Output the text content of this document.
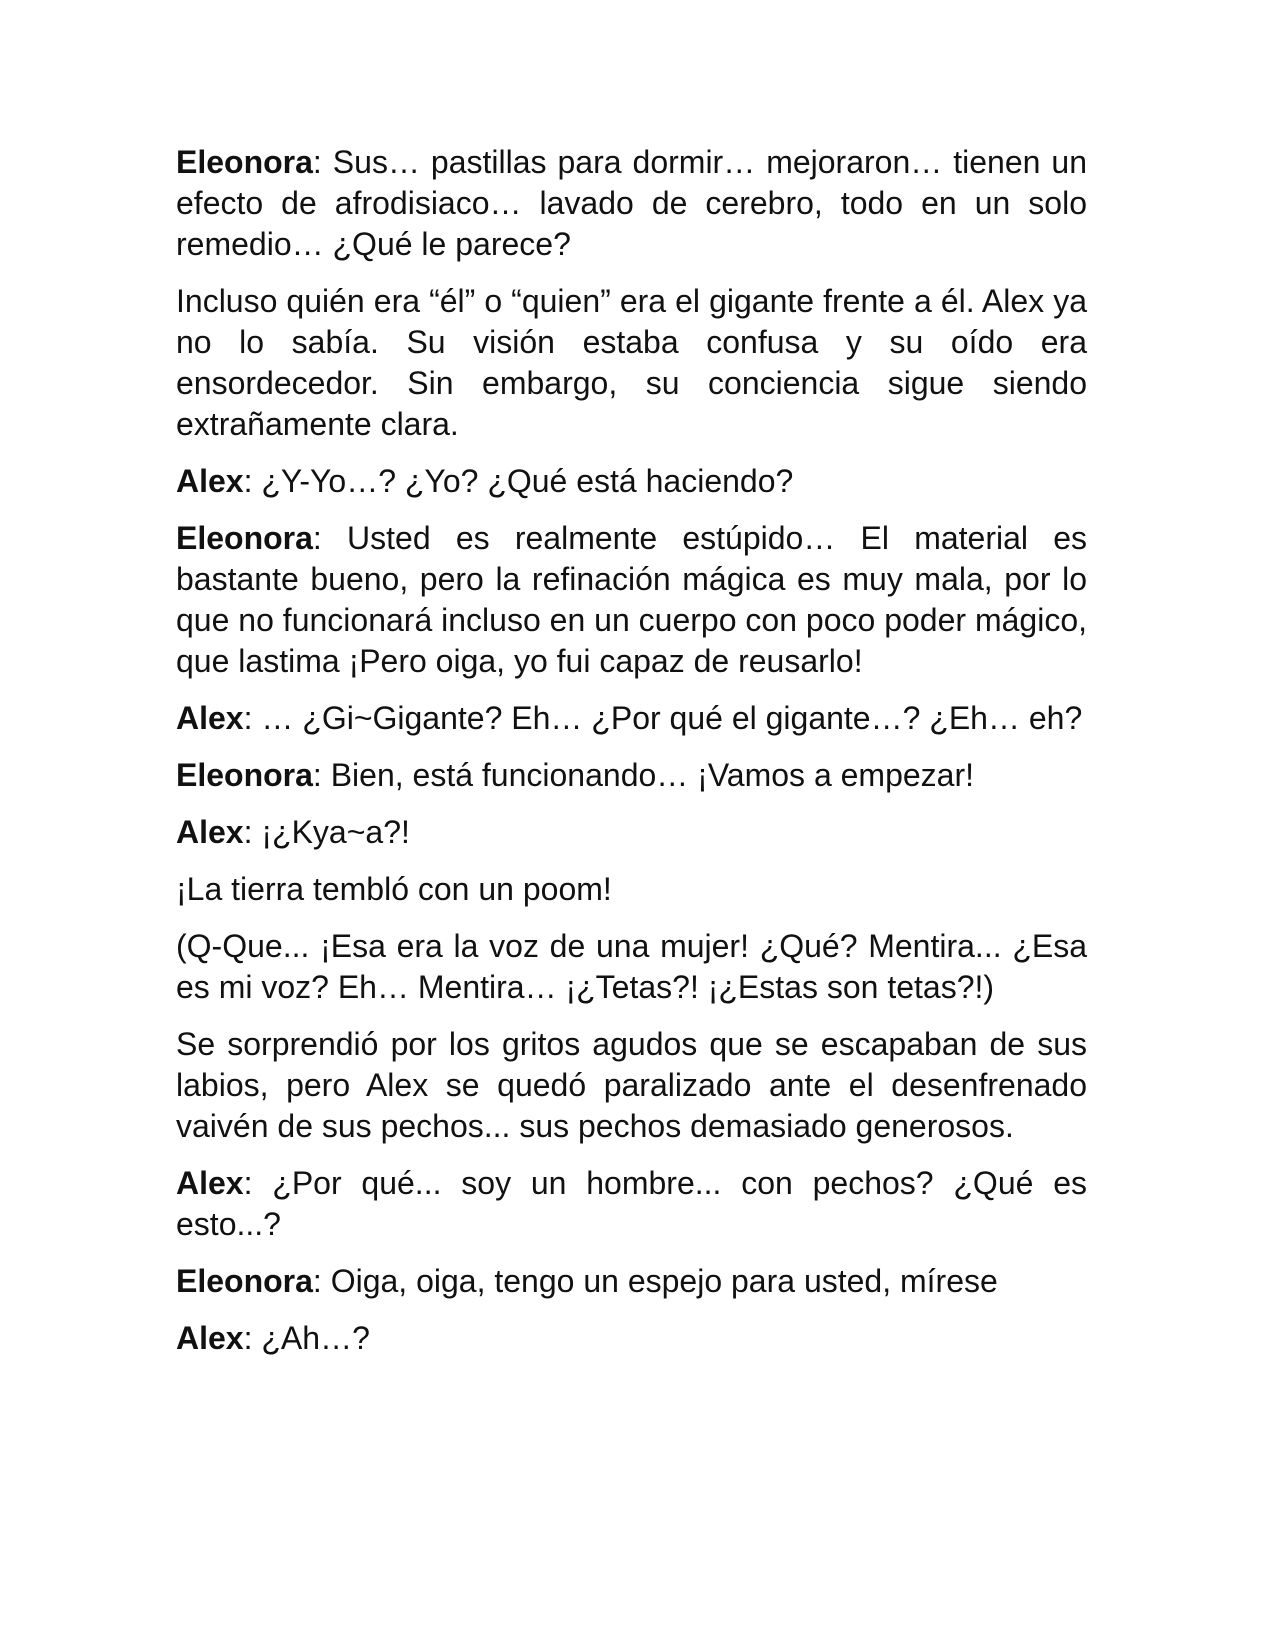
Eleonora: Sus… pastillas para dormir… mejoraron… tienen un efecto de afrodisiaco… lavado de cerebro, todo en un solo remedio… ¿Qué le parece?

Incluso quién era “él” o “quien” era el gigante frente a él. Alex ya no lo sabía. Su visión estaba confusa y su oído era ensordecedor. Sin embargo, su conciencia sigue siendo extrañamente clara.

Alex: ¿Y-Yo…? ¿Yo? ¿Qué está haciendo?

Eleonora: Usted es realmente estúpido… El material es bastante bueno, pero la refinación mágica es muy mala, por lo que no funcionará incluso en un cuerpo con poco poder mágico, que lastima ¡Pero oiga, yo fui capaz de reusarlo!

Alex: … ¿Gi~Gigante? Eh… ¿Por qué el gigante…? ¿Eh… eh?

Eleonora: Bien, está funcionando… ¡Vamos a empezar!

Alex: ¡¿Kya~a?!

¡La tierra tembló con un poom!

(Q-Que... ¡Esa era la voz de una mujer! ¿Qué? Mentira... ¿Esa es mi voz? Eh… Mentira… ¡¿Tetas?! ¡¿Estas son tetas?!)

Se sorprendió por los gritos agudos que se escapaban de sus labios, pero Alex se quedó paralizado ante el desenfrenado vaivén de sus pechos... sus pechos demasiado generosos.

Alex: ¿Por qué... soy un hombre... con pechos? ¿Qué es esto...?

Eleonora: Oiga, oiga, tengo un espejo para usted, mírese

Alex: ¿Ah…?
